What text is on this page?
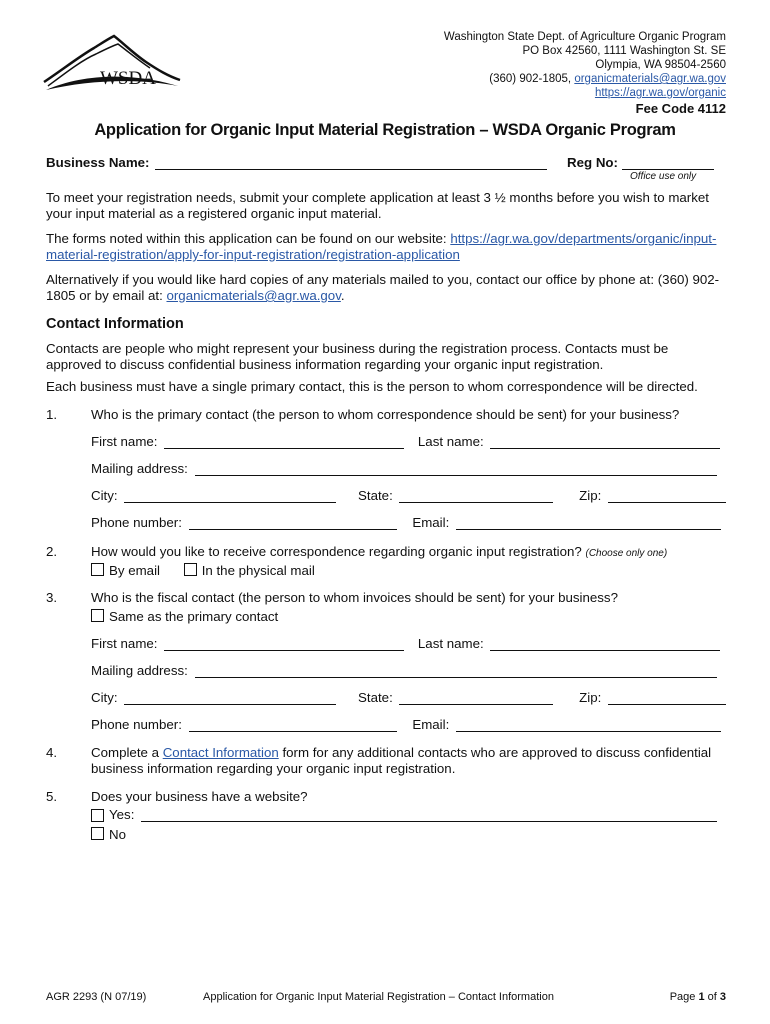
WSDA
Washington State Dept. of Agriculture Organic Program
PO Box 42560, 1111 Washington St. SE
Olympia, WA 98504-2560
(360) 902-1805, organicmaterials@agr.wa.gov
https://agr.wa.gov/organic
Fee Code 4112
Application for Organic Input Material Registration – WSDA Organic Program
Business Name:	Reg No:
Office use only

To meet your registration needs, submit your complete application at least 3 ½ months before you wish to market your input material as a registered organic input material.

The forms noted within this application can be found on our website: https://agr.wa.gov/departments/organic/input-material-registration/apply-for-input-registration/registration-application

Alternatively if you would like hard copies of any materials mailed to you, contact our office by phone at: (360) 902-1805 or by email at: organicmaterials@agr.wa.gov.

Contact Information

Contacts are people who might represent your business during the registration process. Contacts must be approved to discuss confidential business information regarding your organic input registration.

Each business must have a single primary contact, this is the person to whom correspondence will be directed.

1.	Who is the primary contact (the person to whom correspondence should be sent) for your business?
First name:	Last name:
Mailing address:
City:	State:	Zip:
Phone number:	Email:
2.	How would you like to receive correspondence regarding organic input registration? (Choose only one)
By email	In the physical mail
3.	Who is the fiscal contact (the person to whom invoices should be sent) for your business?
Same as the primary contact
First name:	Last name:
Mailing address:
City:	State:	Zip:
Phone number:	Email:
4.	Complete a Contact Information form for any additional contacts who are approved to discuss confidential business information regarding your organic input registration.
5.	Does your business have a website?
Yes:
No
AGR 2293 (N 07/19)	Application for Organic Input Material Registration – Contact Information	Page 1 of 3
